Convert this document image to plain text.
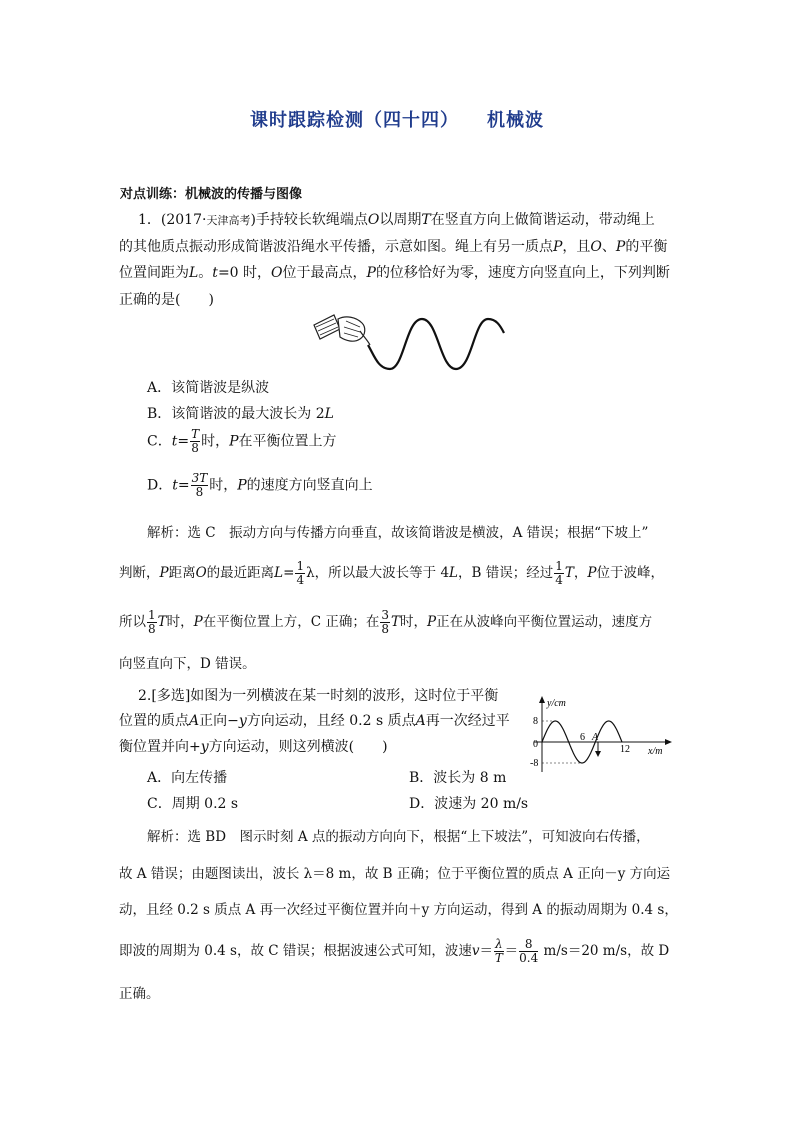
课时跟踪检测（四十四） 机械波
对点训练：机械波的传播与图像
1．(2017·天津高考)手持较长软绳端点O以周期T在竖直方向上做简谐运动，带动绳上
的其他质点振动形成简谐波沿绳水平传播，示意如图。绳上有另一质点P，且O、P的平衡
位置间距为L。t=0 时，O位于最高点，P的位移恰好为零，速度方向竖直向上，下列判断
正确的是(　　)
A．该简谐波是纵波
B．该简谐波的最大波长为 2L
C．$t= \frac{T}{8}$ 时，P在平衡位置上方
D．$t= \frac{3T}{8}$ 时，P的速度方向竖直向上
解析：选 C　振动方向与传播方向垂直，故该简谐波是横波，A 错误；根据“下坡上”
判断，P距离O的最近距离$L= \frac{1}{4}$ λ，所以最大波长等于 4L，B 错误；经过 $\frac{1}{4}$ T，P位于波峰，
所以 $\frac{1}{8}$ T时，P在平衡位置上方，C 正确；在 $\frac{3}{8}$ T时，P正在从波峰向平衡位置运动，速度方
向竖直向下，D 错误。
2.[多选]如图为一列横波在某一时刻的波形，这时位于平衡
位置的质点A正向−y方向运动，且经 0.2 s 质点A再一次经过平
衡位置并向+y方向运动，则这列横波(　　)
A．向左传播	B．波长为 8 m
C．周期 0.2 s	D．波速为 20 m/s
y/cm
x/m
8
-8
0
6
12
A
解析：选 BD　图示时刻 A 点的振动方向向下，根据“上下坡法”，可知波向右传播，
故 A 错误；由题图读出，波长 λ＝8 m，故 B 正确；位于平衡位置的质点 A 正向－y 方向运
动，且经 0.2 s 质点 A 再一次经过平衡位置并向＋y 方向运动，得到 A 的振动周期为 0.4 s，
即波的周期为 0.4 s，故 C 错误；根据波速公式可知，波速$v= \frac{\lambda}{T} = \frac{8}{0.4} m/s=20$ m/s，故 D
正确。
